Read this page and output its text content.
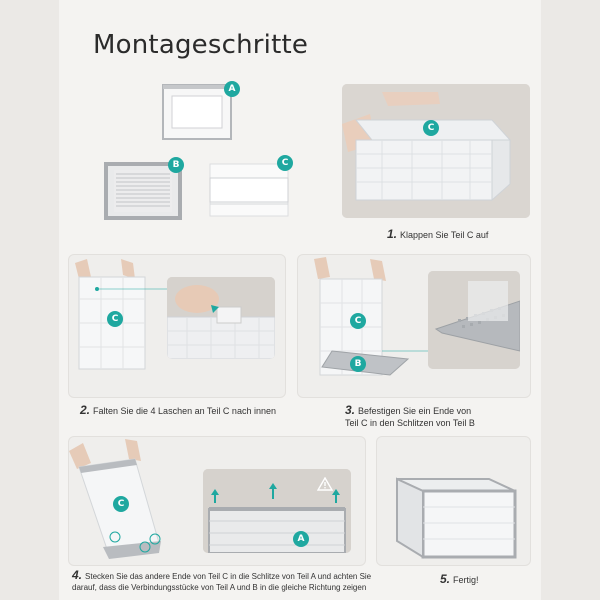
Montageschritte
A
B	C
C
1. Klappen Sie Teil C auf
C
2. Falten Sie die 4 Laschen an Teil C nach innen
C
B
3. Befestigen Sie ein Ende von
Teil C in den Schlitzen von Teil B
C
A
4. Stecken Sie das andere Ende von Teil C in die Schlitze von Teil A und achten Sie
darauf, dass die Verbindungsstücke von Teil A und B in die gleiche Richtung zeigen
5. Fertig!
